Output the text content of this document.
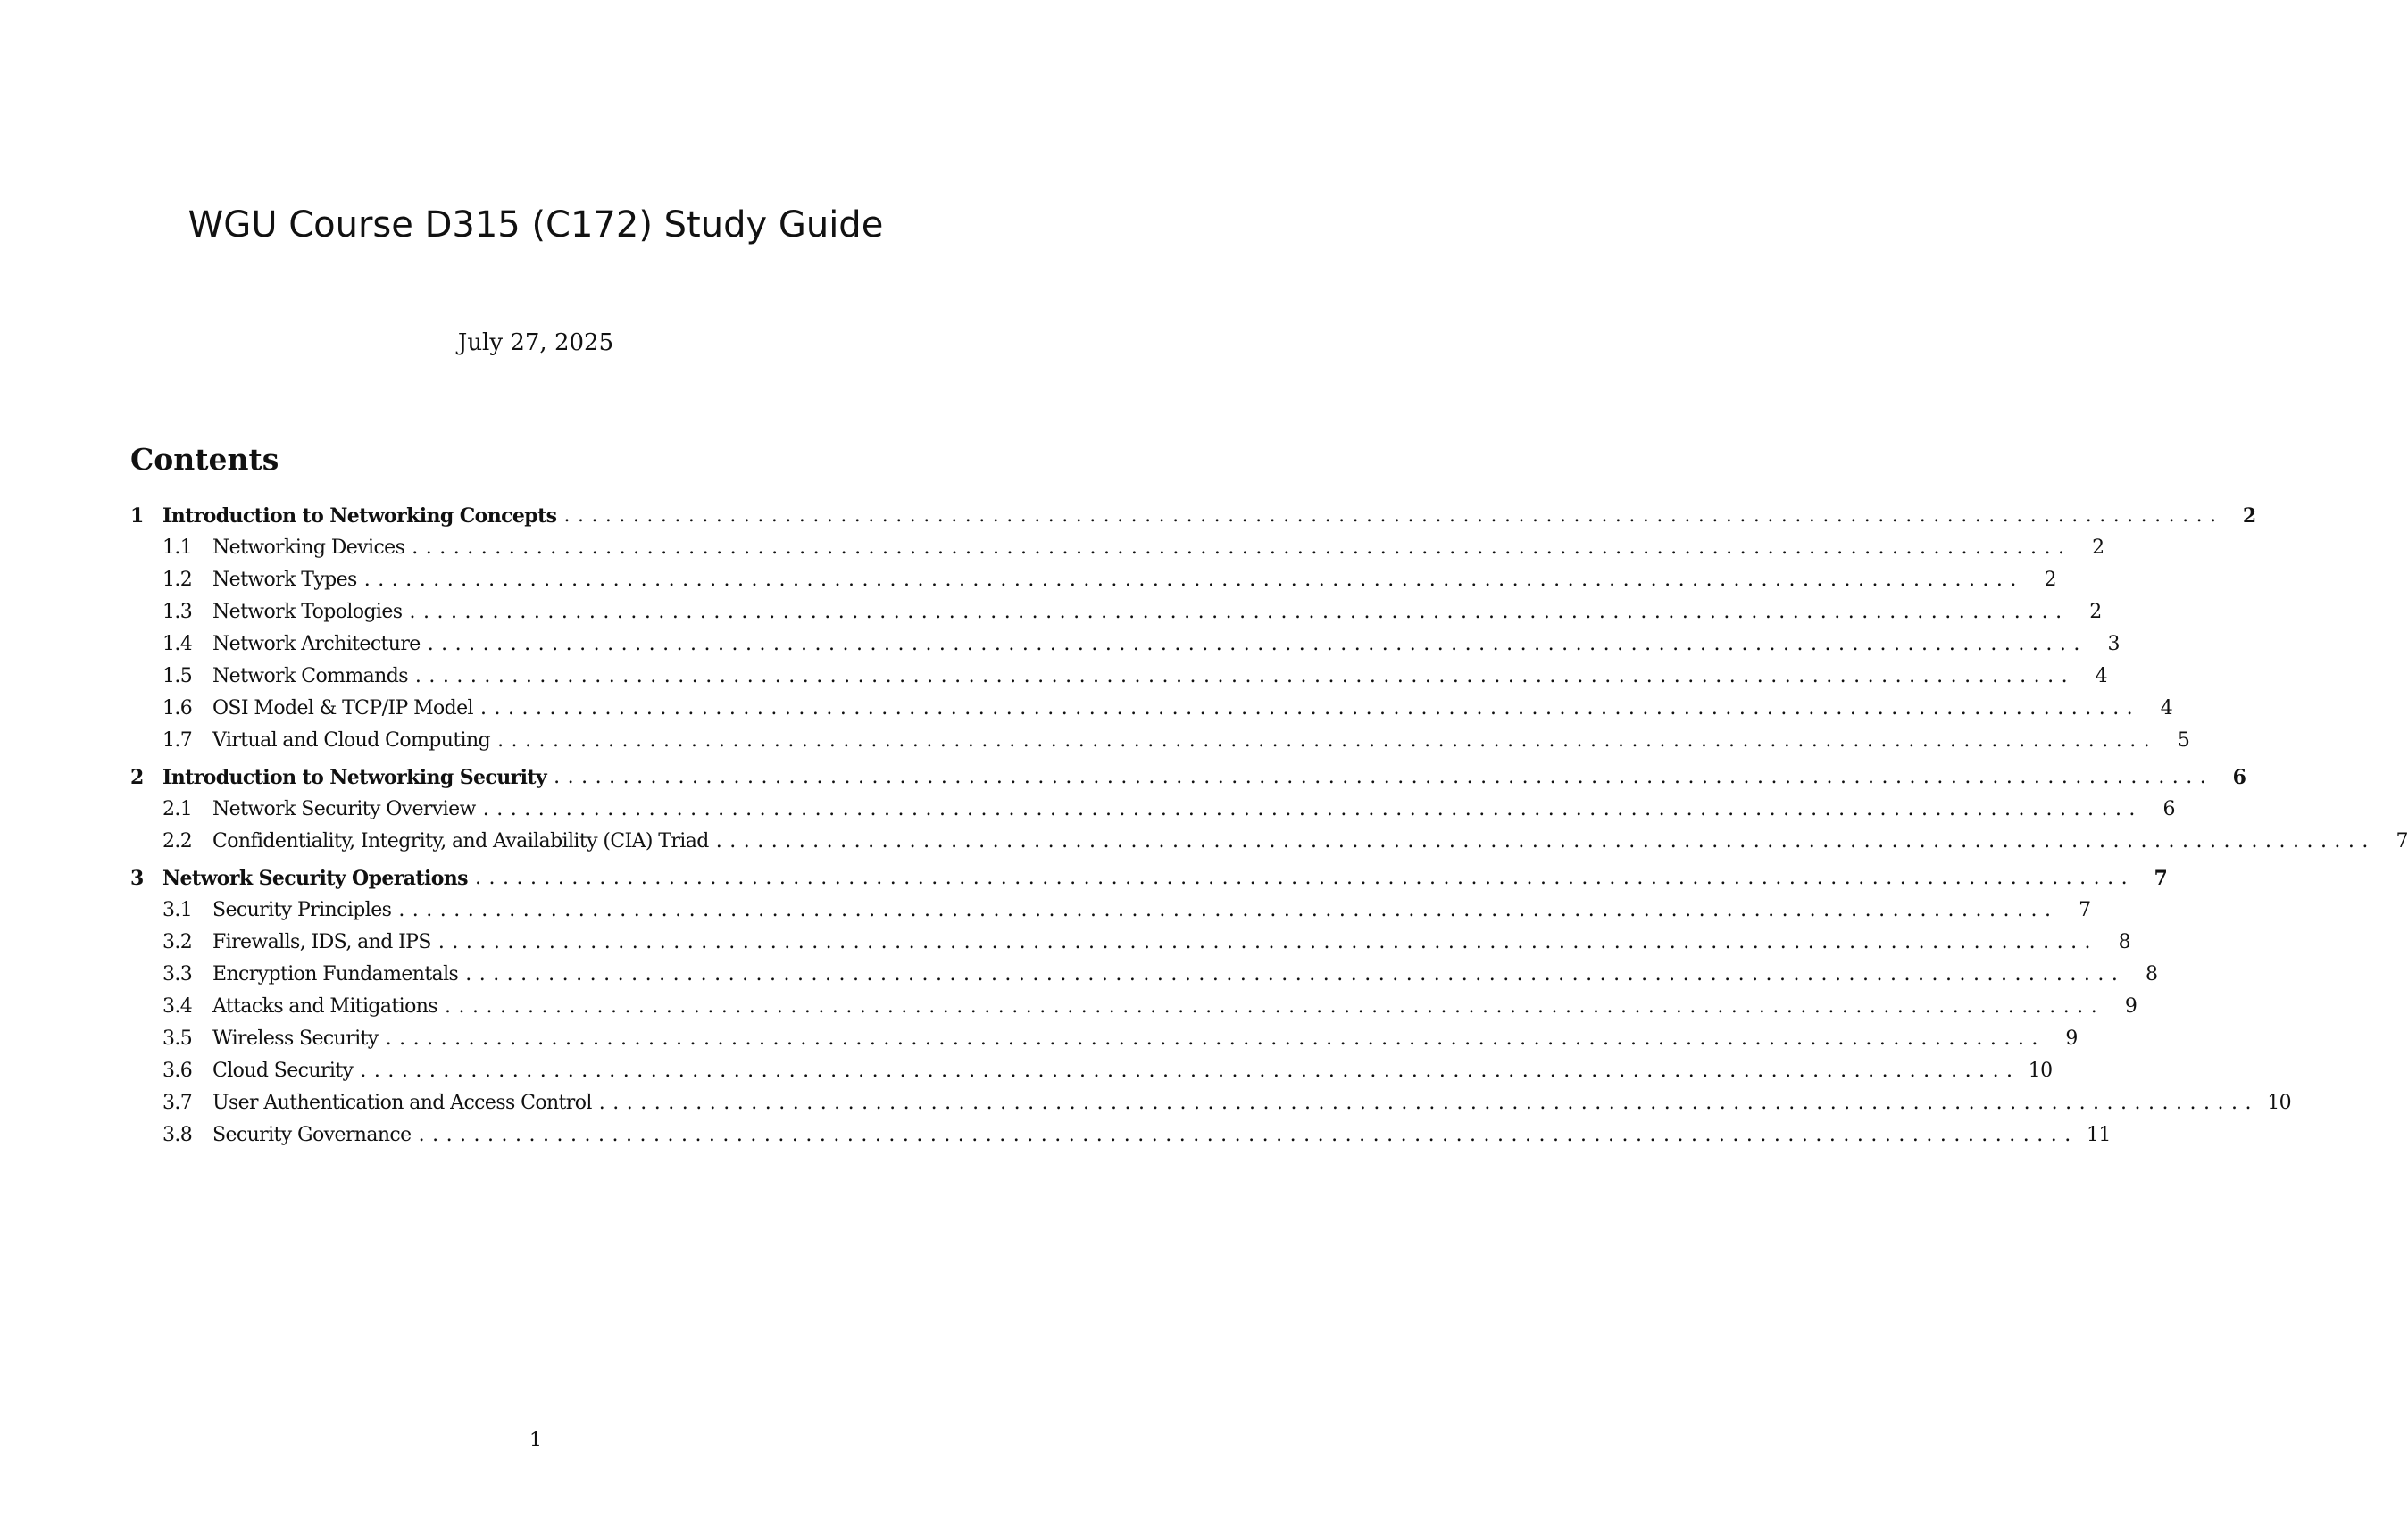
WGU Course D315 (C172) Study Guide
July 27, 2025
Contents
1 Introduction to Networking Concepts ........................................................................................................................ 2
1.1	Networking Devices ........................................................................................................................	2
1.2	Network Types ........................................................................................................................	2
1.3	Network Topologies ........................................................................................................................	2
1.4	Network Architecture ........................................................................................................................	3
1.5	Network Commands ........................................................................................................................	4
1.6	OSI Model & TCP/IP Model ........................................................................................................................	4
1.7	Virtual and Cloud Computing ........................................................................................................................	5
2 Introduction to Networking Security ........................................................................................................................ 6
2.1	Network Security Overview ........................................................................................................................	6
2.2	Confidentiality, Integrity, and Availability (CIA) Triad ........................................................................................................................	7
3 Network Security Operations ........................................................................................................................ 7
3.1	Security Principles ........................................................................................................................	7
3.2	Firewalls, IDS, and IPS ........................................................................................................................	8
3.3	Encryption Fundamentals ........................................................................................................................	8
3.4	Attacks and Mitigations ........................................................................................................................	9
3.5	Wireless Security ........................................................................................................................	9
3.6	Cloud Security ........................................................................................................................ 10
3.7	User Authentication and Access Control ........................................................................................................................ 10
3.8	Security Governance ........................................................................................................................ 11
1
